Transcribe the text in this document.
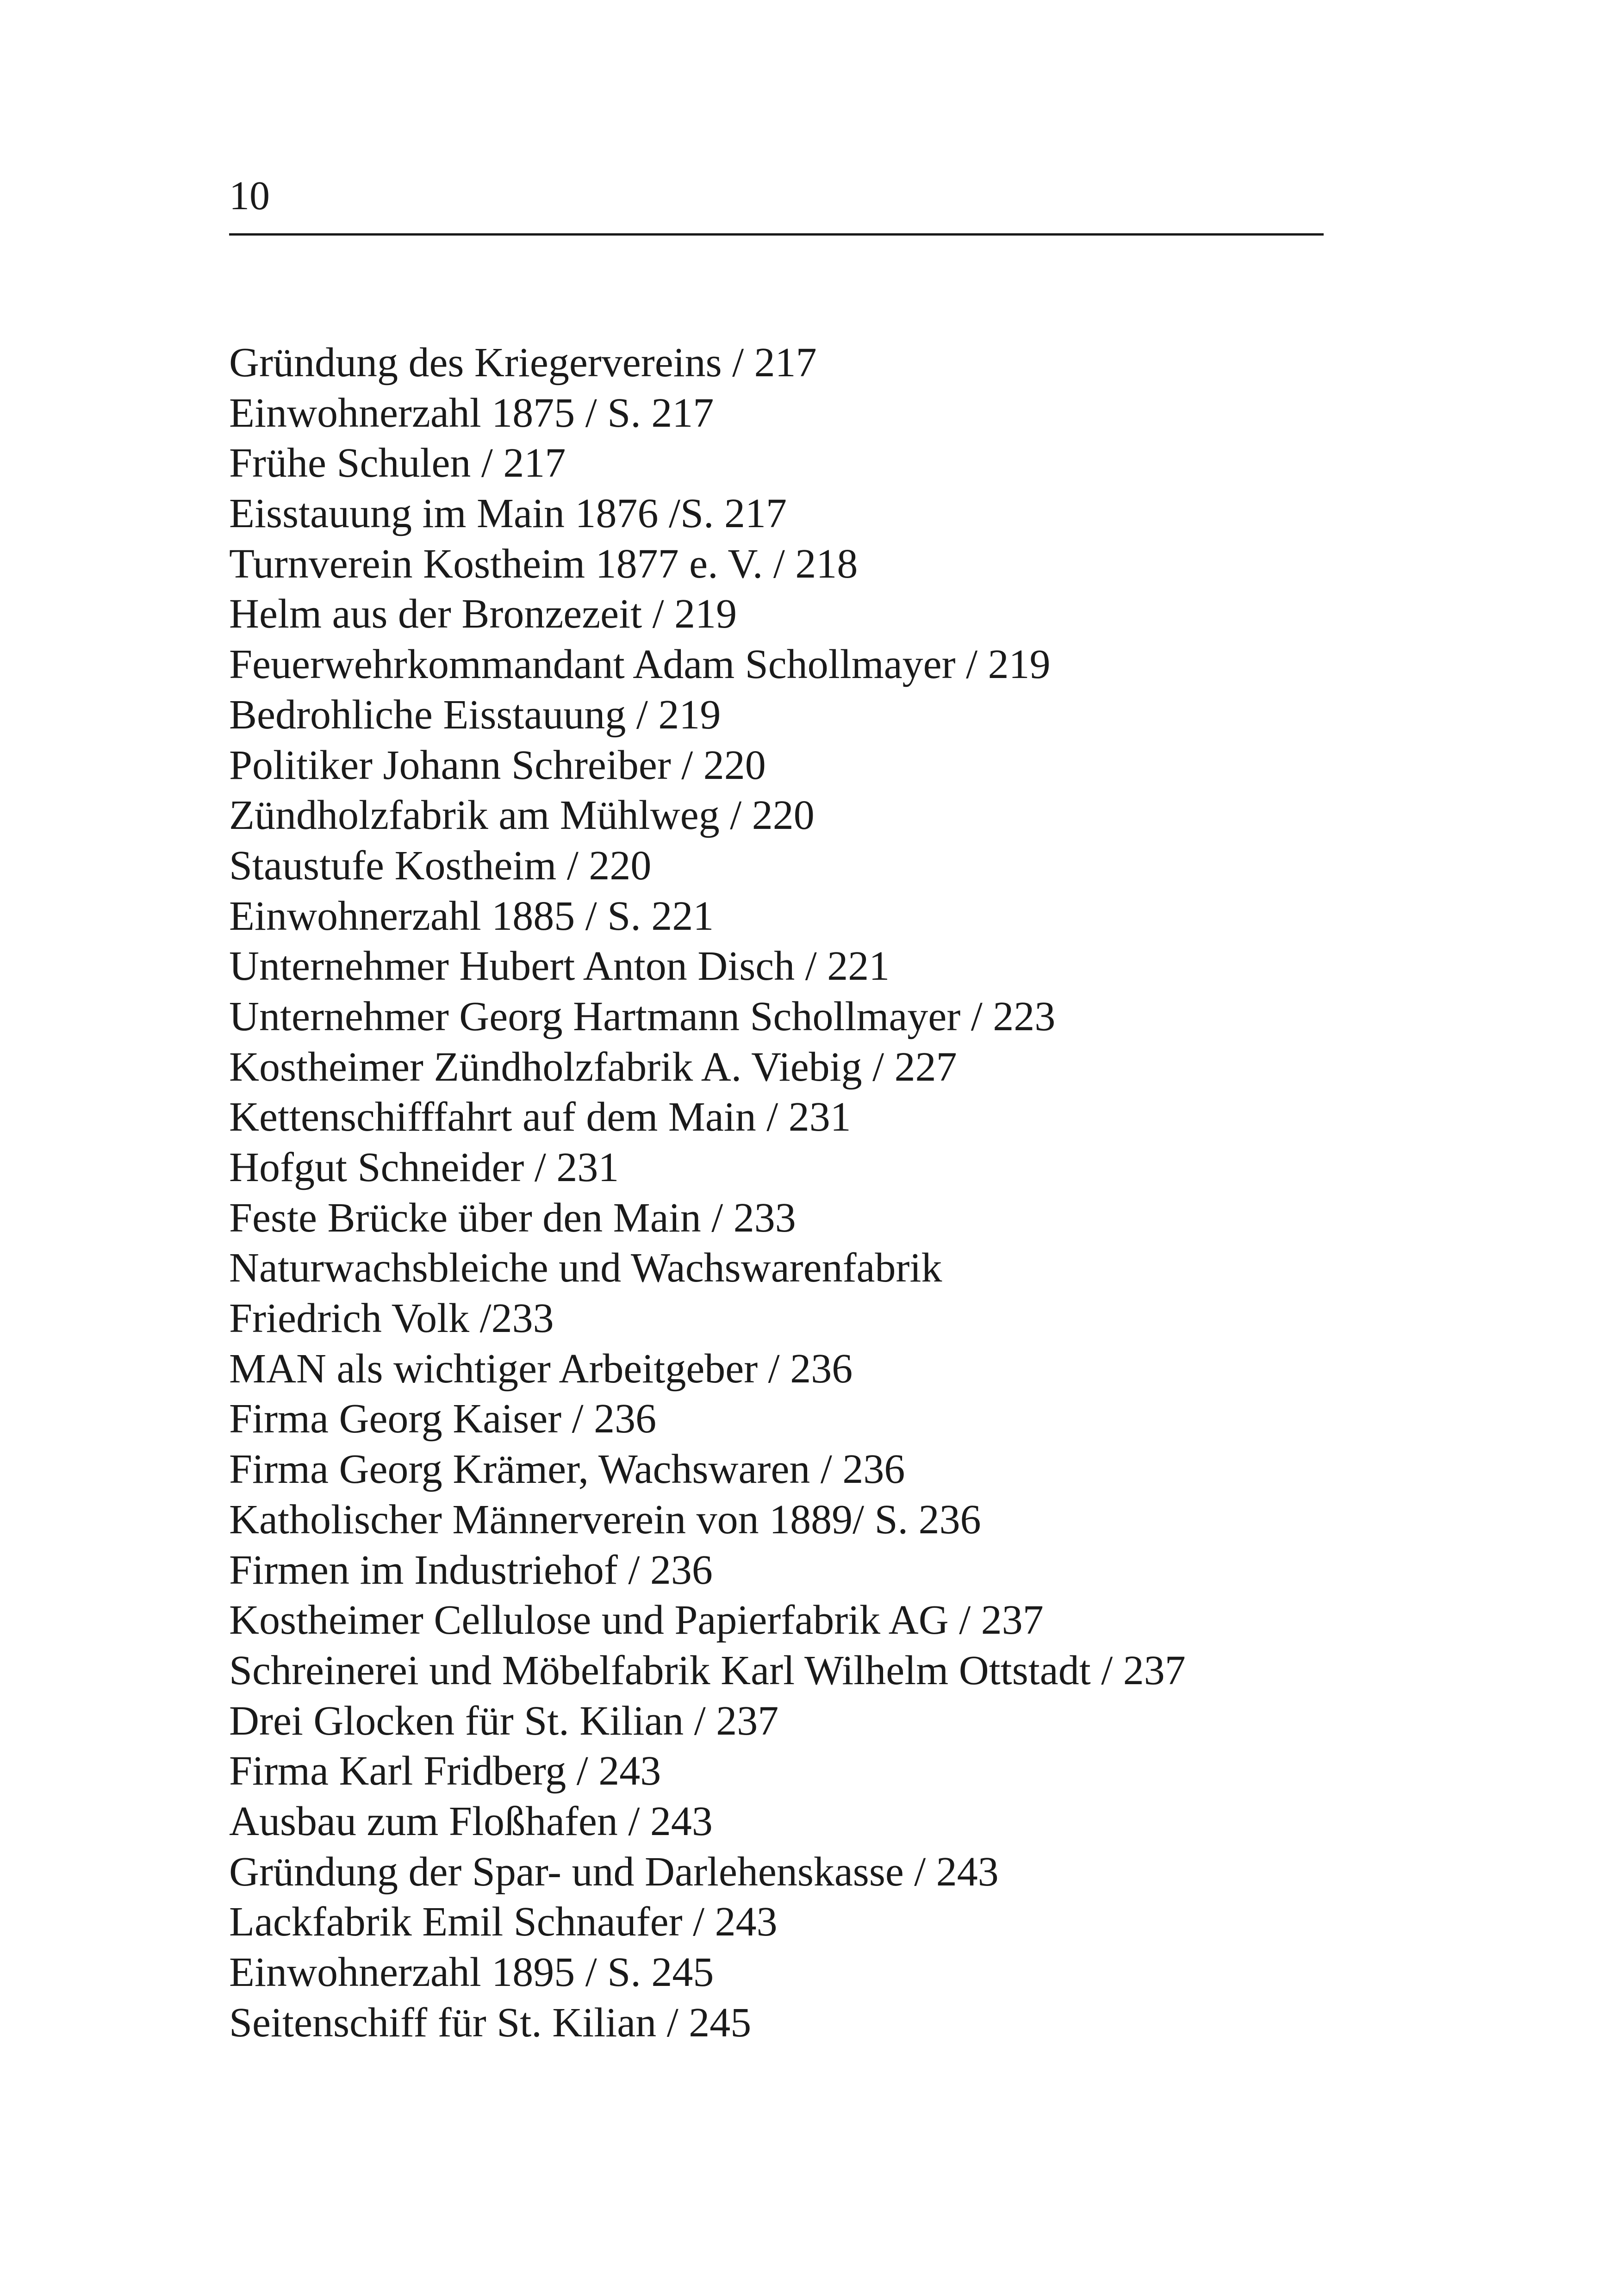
10
Gründung des Kriegervereins / 217
Einwohnerzahl 1875 / S. 217
Frühe Schulen / 217
Eisstauung im Main 1876 /S. 217
Turnverein Kostheim 1877 e. V. / 218
Helm aus der Bronzezeit / 219
Feuerwehrkommandant Adam Schollmayer / 219
Bedrohliche Eisstauung / 219
Politiker Johann Schreiber / 220
Zündholzfabrik am Mühlweg / 220
Staustufe Kostheim / 220
Einwohnerzahl 1885 / S. 221
Unternehmer Hubert Anton Disch / 221
Unternehmer Georg Hartmann Schollmayer / 223
Kostheimer Zündholzfabrik A. Viebig / 227
Kettenschifffahrt auf dem Main / 231
Hofgut Schneider / 231
Feste Brücke über den Main / 233
Naturwachsbleiche und Wachswarenfabrik
Friedrich Volk /233
MAN als wichtiger Arbeitgeber / 236
Firma Georg Kaiser / 236
Firma Georg Krämer, Wachswaren / 236
Katholischer Männerverein von 1889/ S. 236
Firmen im Industriehof / 236
Kostheimer Cellulose und Papierfabrik AG / 237
Schreinerei und Möbelfabrik Karl Wilhelm Ottstadt / 237
Drei Glocken für St. Kilian / 237
Firma Karl Fridberg / 243
Ausbau zum Floßhafen / 243
Gründung der Spar- und Darlehenskasse / 243
Lackfabrik Emil Schnaufer / 243
Einwohnerzahl 1895 / S. 245
Seitenschiff für St. Kilian / 245
